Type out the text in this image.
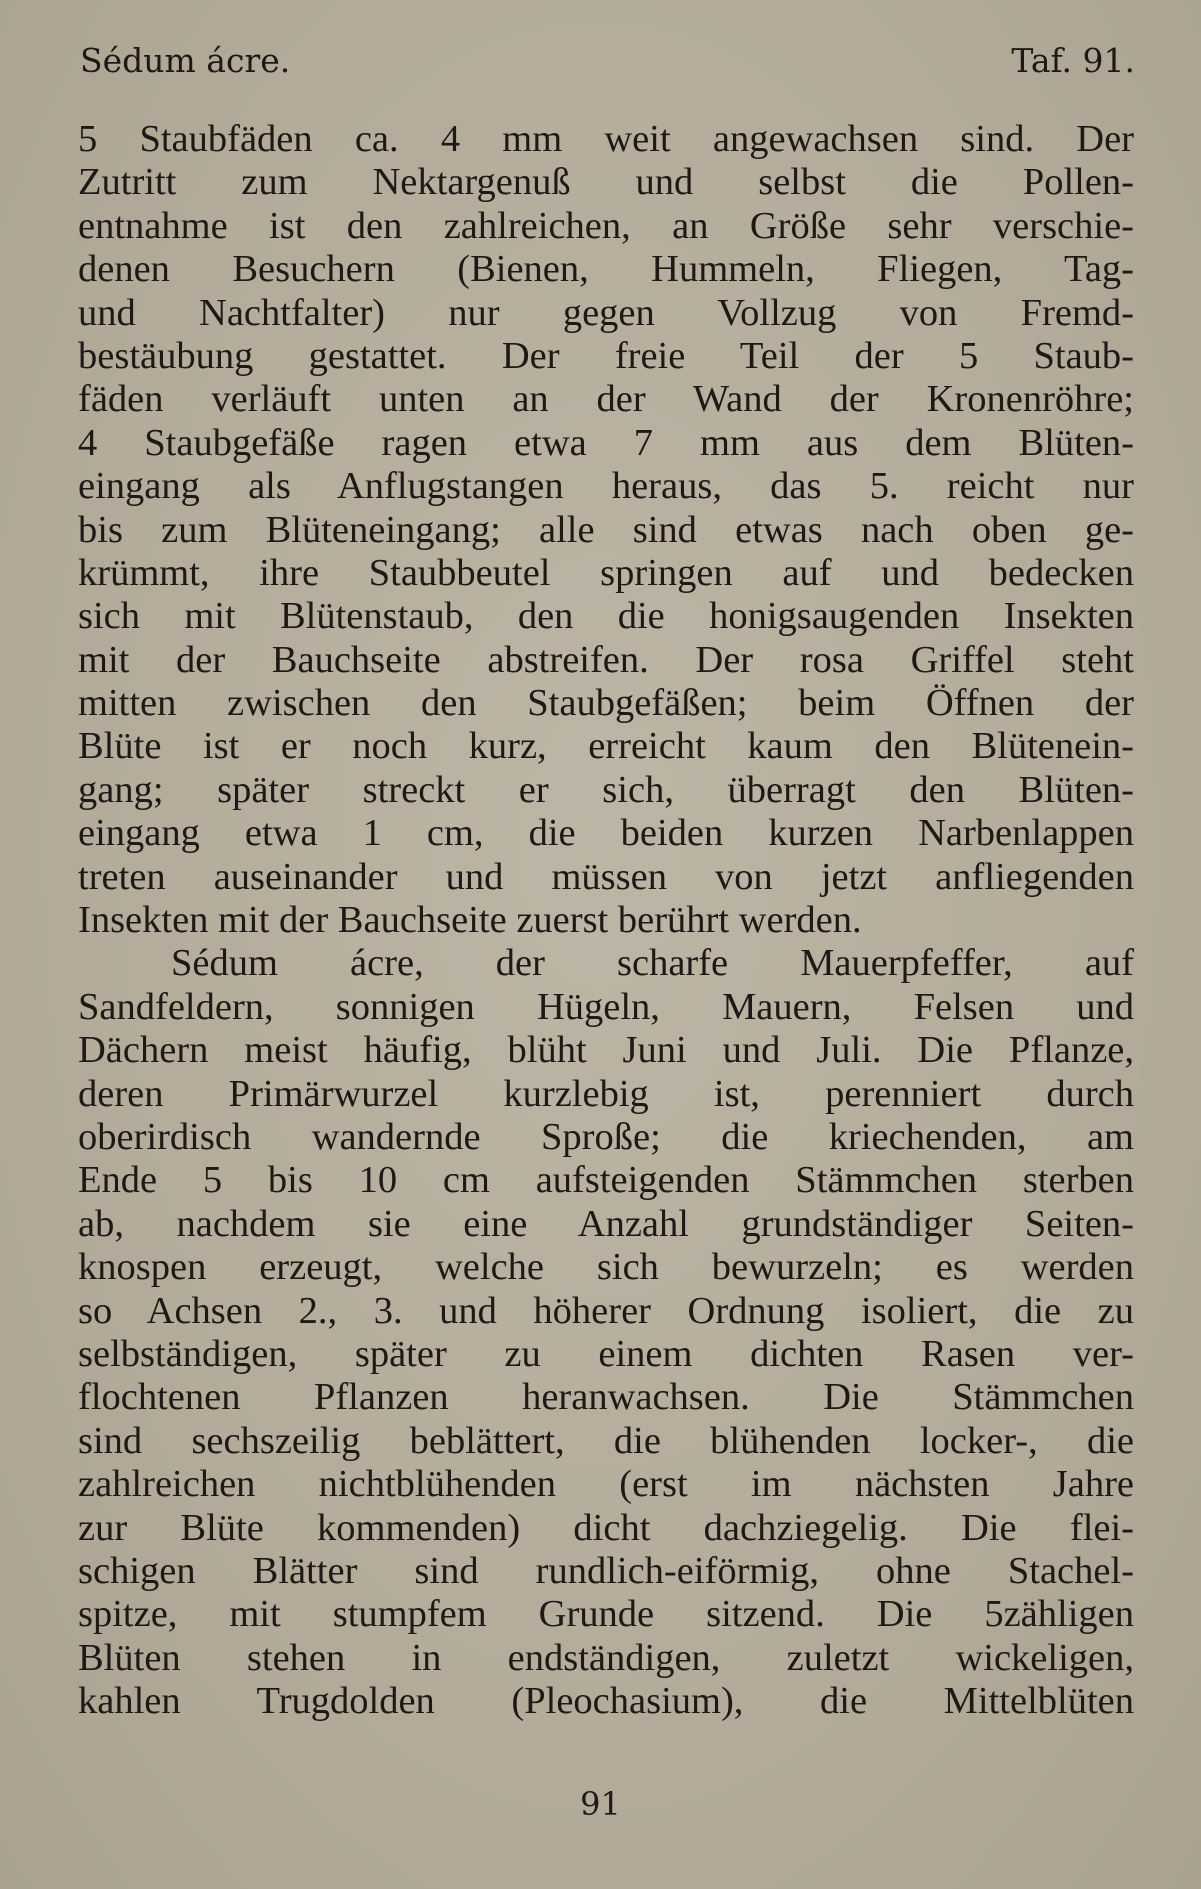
Sédum ácre.	Taf. 91.
5 Staubfäden ca. 4 mm weit angewachsen sind. Der
Zutritt zum Nektargenuß und selbst die Pollen-
entnahme ist den zahlreichen, an Größe sehr verschie-
denen Besuchern (Bienen, Hummeln, Fliegen, Tag-
und Nachtfalter) nur gegen Vollzug von Fremd-
bestäubung gestattet. Der freie Teil der 5 Staub-
fäden verläuft unten an der Wand der Kronenröhre;
4 Staubgefäße ragen etwa 7 mm aus dem Blüten-
eingang als Anflugstangen heraus, das 5. reicht nur
bis zum Blüteneingang; alle sind etwas nach oben ge-
krümmt, ihre Staubbeutel springen auf und bedecken
sich mit Blütenstaub, den die honigsaugenden Insekten
mit der Bauchseite abstreifen. Der rosa Griffel steht
mitten zwischen den Staubgefäßen; beim Öffnen der
Blüte ist er noch kurz, erreicht kaum den Blütenein-
gang; später streckt er sich, überragt den Blüten-
eingang etwa 1 cm, die beiden kurzen Narbenlappen
treten auseinander und müssen von jetzt anfliegenden
Insekten mit der Bauchseite zuerst berührt werden.
Sédum ácre, der scharfe Mauerpfeffer, auf
Sandfeldern, sonnigen Hügeln, Mauern, Felsen und
Dächern meist häufig, blüht Juni und Juli. Die Pflanze,
deren Primärwurzel kurzlebig ist, perenniert durch
oberirdisch wandernde Sproße; die kriechenden, am
Ende 5 bis 10 cm aufsteigenden Stämmchen sterben
ab, nachdem sie eine Anzahl grundständiger Seiten-
knospen erzeugt, welche sich bewurzeln; es werden
so Achsen 2., 3. und höherer Ordnung isoliert, die zu
selbständigen, später zu einem dichten Rasen ver-
flochtenen Pflanzen heranwachsen. Die Stämmchen
sind sechszeilig beblättert, die blühenden locker-, die
zahlreichen nichtblühenden (erst im nächsten Jahre
zur Blüte kommenden) dicht dachziegelig. Die flei-
schigen Blätter sind rundlich-eiförmig, ohne Stachel-
spitze, mit stumpfem Grunde sitzend. Die 5zähligen
Blüten stehen in endständigen, zuletzt wickeligen,
kahlen Trugdolden (Pleochasium), die Mittelblüten
91
